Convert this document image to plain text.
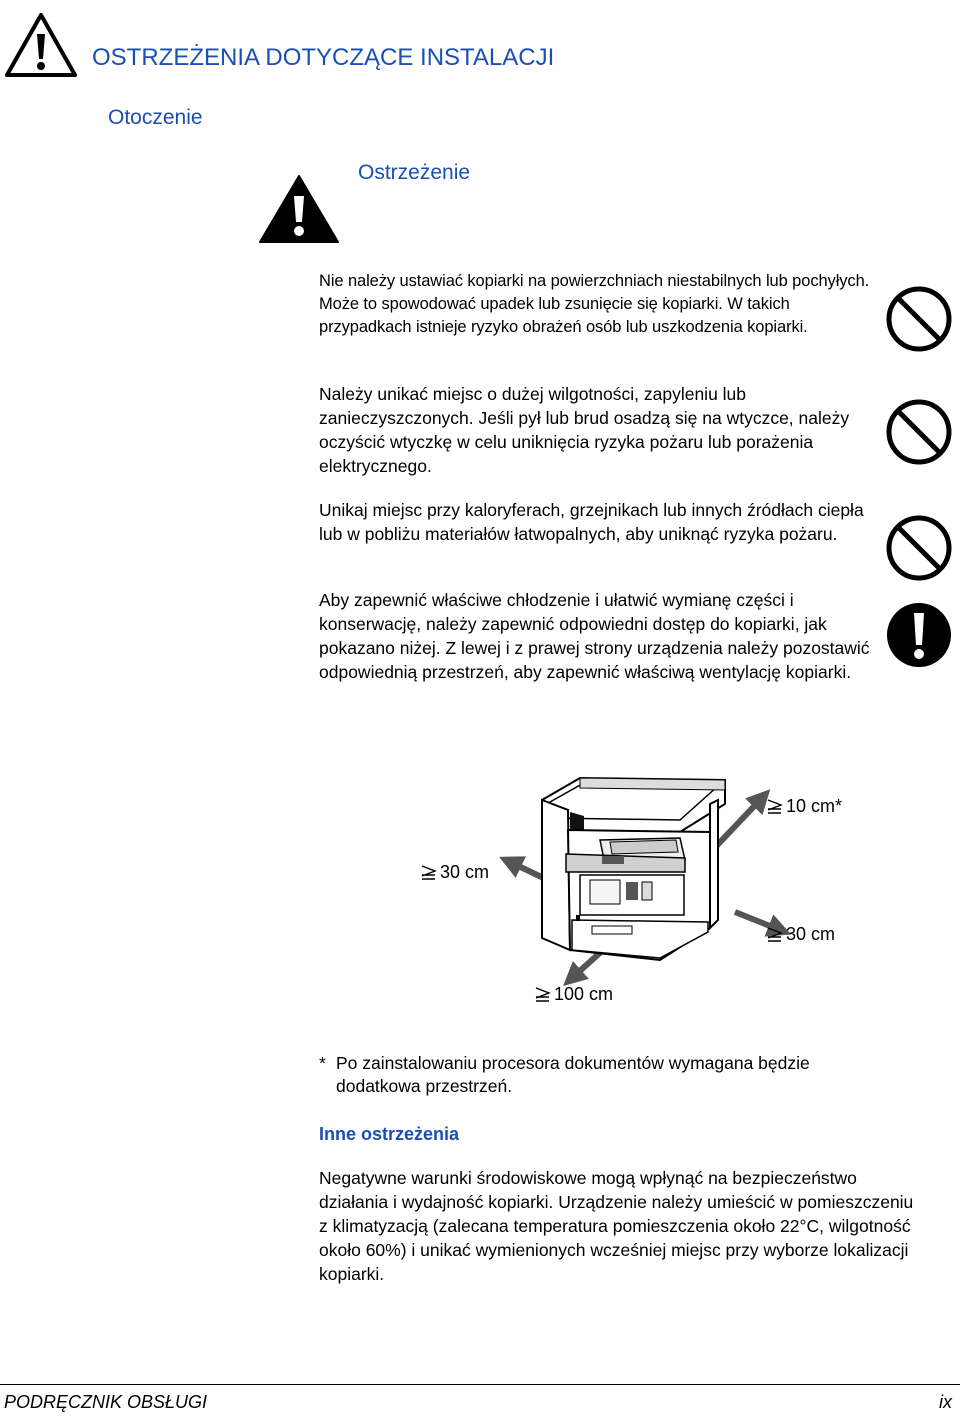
OSTRZEŻENIA DOTYCZĄCE INSTALACJI
Otoczenie
Ostrzeżenie
Nie należy ustawiać kopiarki na powierzchniach niestabilnych lub pochyłych. Może to spowodować upadek lub zsunięcie się kopiarki. W takich przypadkach istnieje ryzyko obrażeń osób lub uszkodzenia kopiarki.
Należy unikać miejsc o dużej wilgotności, zapyleniu lub zanieczyszczonych. Jeśli pył lub brud osadzą się na wtyczce, należy oczyścić wtyczkę w celu uniknięcia ryzyka pożaru lub porażenia elektrycznego.
Unikaj miejsc przy kaloryferach, grzejnikach lub innych źródłach ciepła lub w pobliżu materiałów łatwopalnych, aby uniknąć ryzyka pożaru.
Aby zapewnić właściwe chłodzenie i ułatwić wymianę części i konserwację, należy zapewnić odpowiedni dostęp do kopiarki, jak pokazano niżej. Z lewej i z prawej strony urządzenia należy pozostawić odpowiednią przestrzeń, aby zapewnić właściwą wentylację kopiarki.
10 cm*
30 cm
30 cm
100 cm
* Po zainstalowaniu procesora dokumentów wymagana będzie dodatkowa przestrzeń.
Inne ostrzeżenia
Negatywne warunki środowiskowe mogą wpłynąć na bezpieczeństwo działania i wydajność kopiarki. Urządzenie należy umieścić w pomieszczeniu z klimatyzacją (zalecana temperatura pomieszczenia około 22°C, wilgotność około 60%) i unikać wymienionych wcześniej miejsc przy wyborze lokalizacji kopiarki.
PODRĘCZNIK OBSŁUGI	ix
